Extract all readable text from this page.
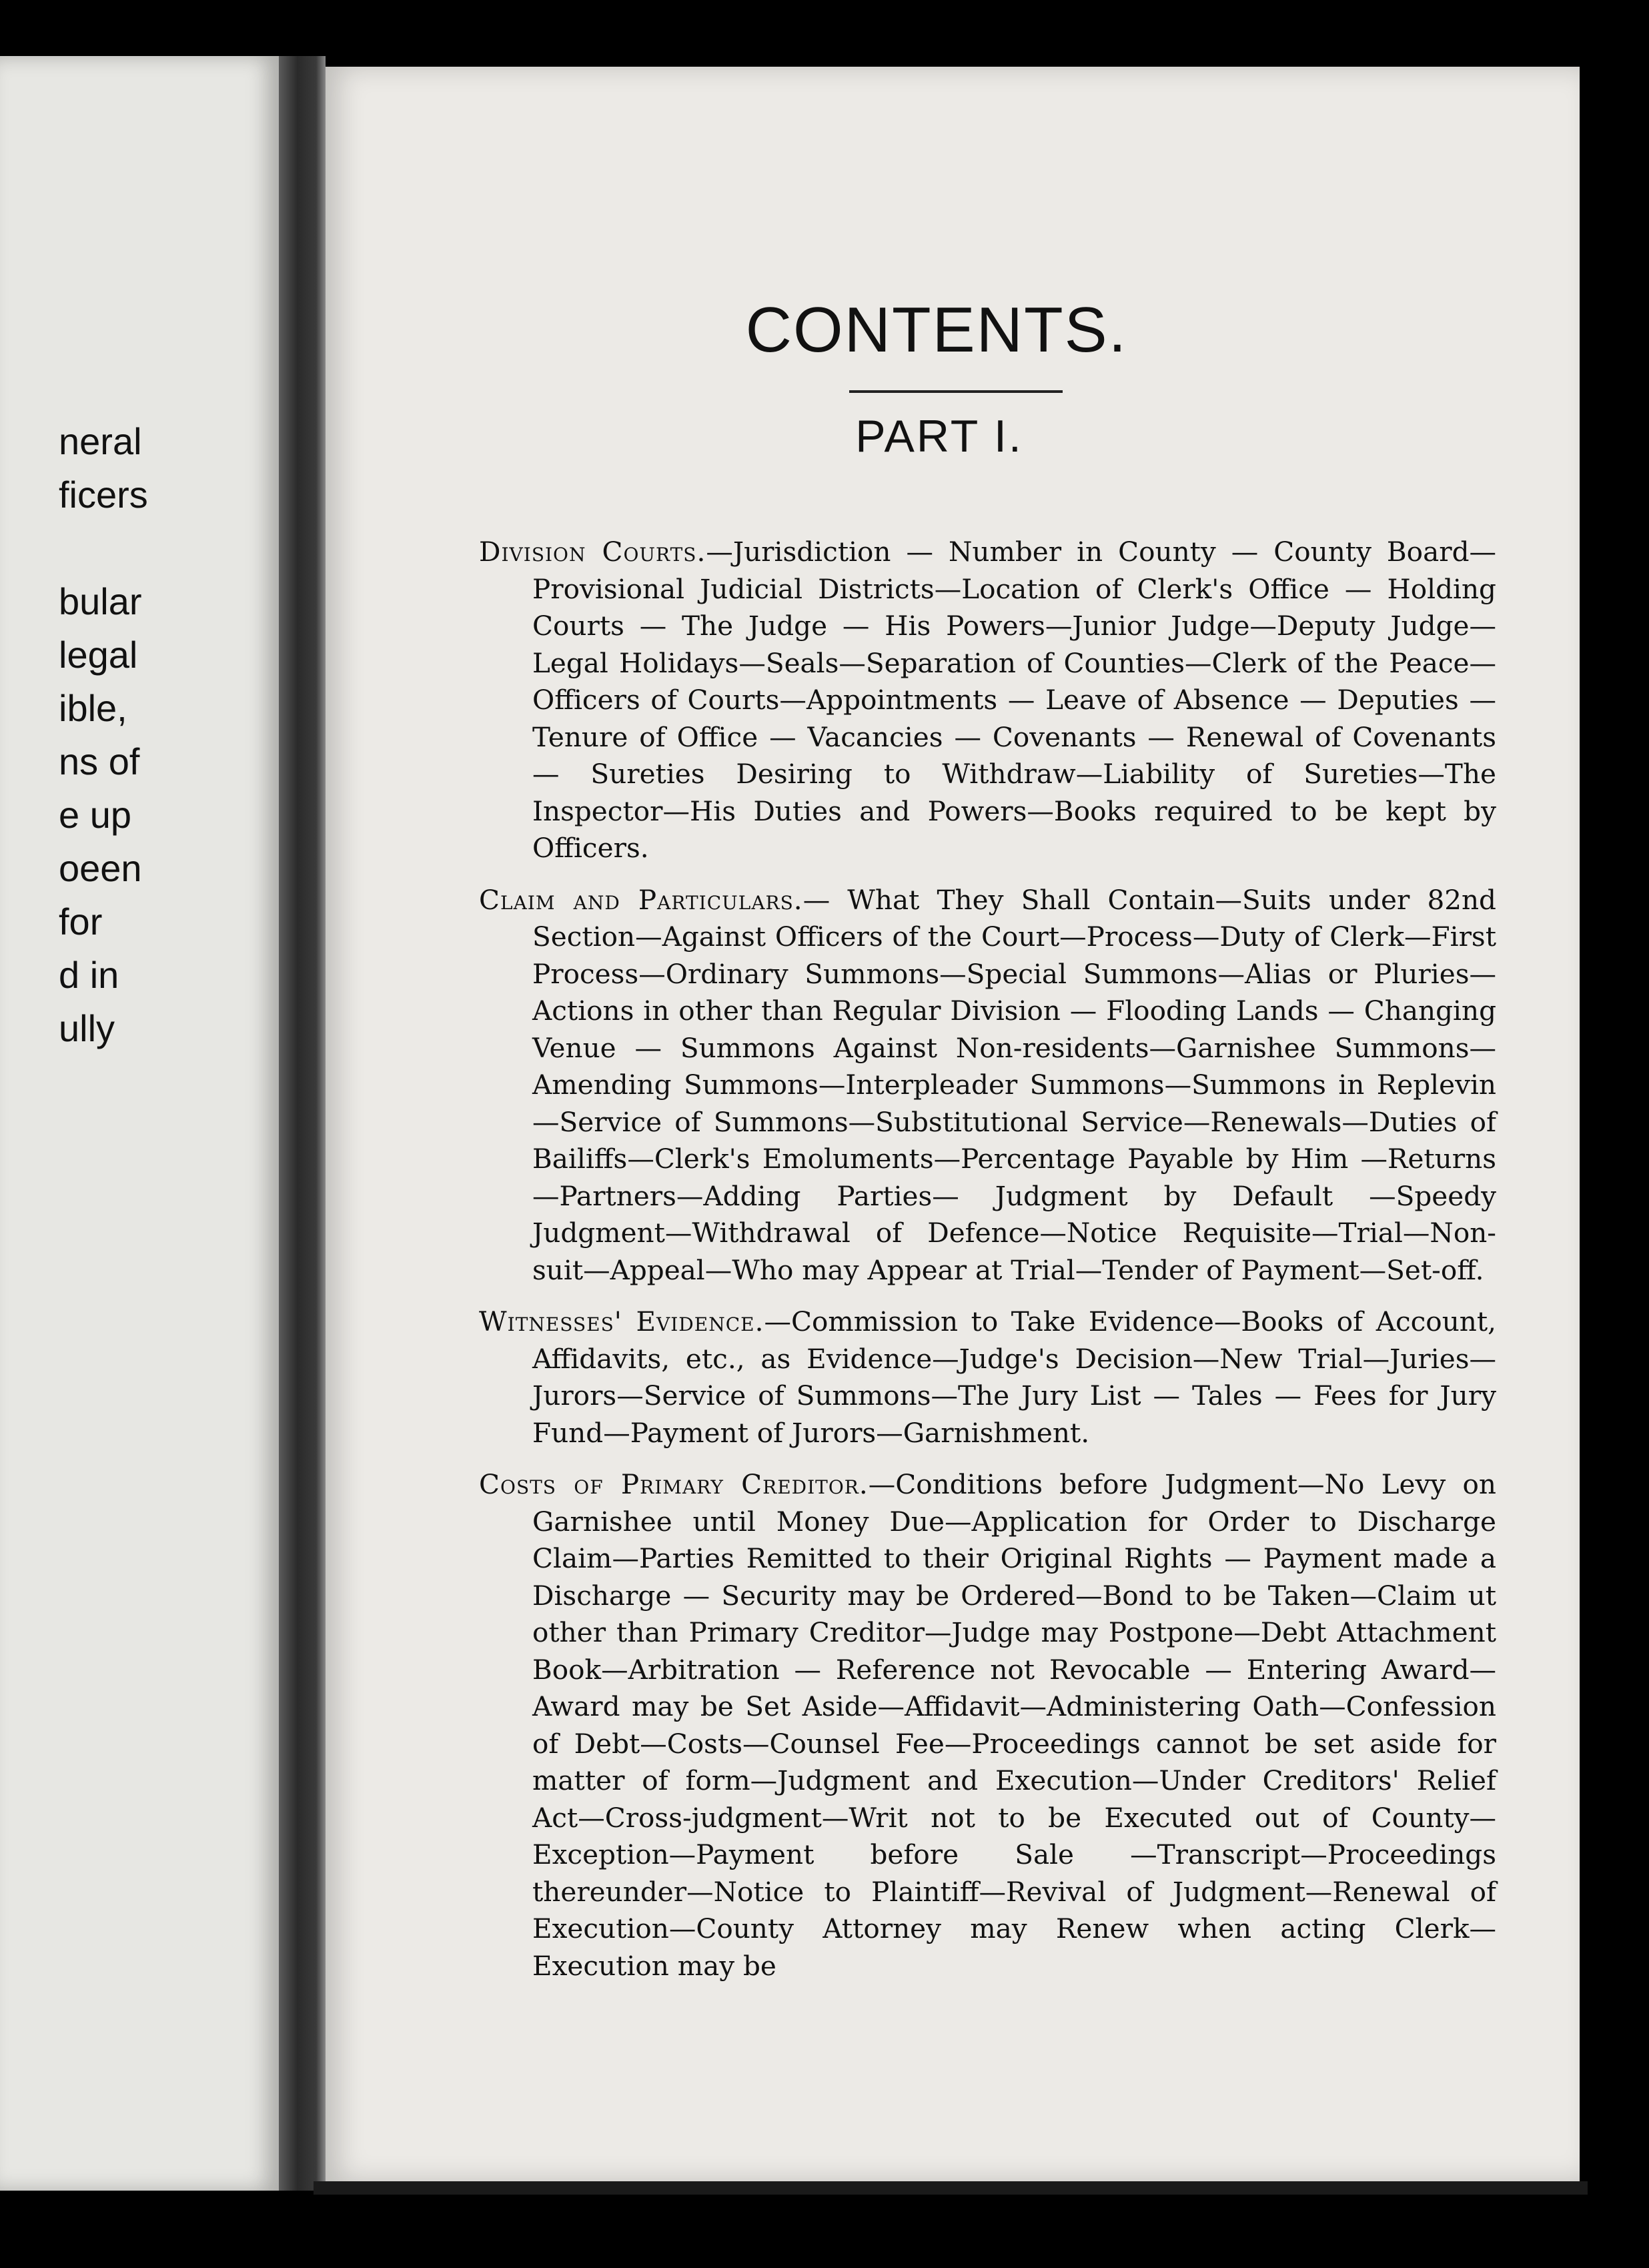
neral
ficers
bular
legal
ible,
ns of
e up
oeen
for
d in
ully
CONTENTS.
PART I.

Division Courts.—Jurisdiction — Number in County — County Board—Provisional Judicial Districts—Location of Clerk's Office — Holding Courts — The Judge — His Powers—Junior Judge—Deputy Judge—Legal Holidays—Seals—Separation of Counties—Clerk of the Peace—Officers of Courts—Appointments — Leave of Absence — Deputies — Tenure of Office — Vacancies — Covenants — Renewal of Covenants — Sureties Desiring to Withdraw—Liability of Sureties—The Inspector—His Duties and Powers—Books required to be kept by Officers.

Claim and Particulars.— What They Shall Contain—Suits under 82nd Section—Against Officers of the Court—Process—Duty of Clerk—First Process—Ordinary Summons—Special Summons—Alias or Pluries—Actions in other than Regular Division — Flooding Lands — Changing Venue — Summons Against Non-residents—Garnishee Summons—Amending Summons—Interpleader Summons—Summons in Replevin—Service of Summons—Substitutional Service—Renewals—Duties of Bailiffs—Clerk's Emoluments—Percentage Payable by Him —Returns—Partners—Adding Parties— Judgment by Default —Speedy Judgment—Withdrawal of Defence—Notice Requisite—Trial—Non-suit—Appeal—Who may Appear at Trial—Tender of Payment—Set-off.

Witnesses' Evidence.—Commission to Take Evidence—Books of Account, Affidavits, etc., as Evidence—Judge's Decision—New Trial—Juries—Jurors—Service of Summons—The Jury List — Tales — Fees for Jury Fund—Payment of Jurors—Garnishment.

Costs of Primary Creditor.—Conditions before Judgment—No Levy on Garnishee until Money Due—Application for Order to Discharge Claim—Parties Remitted to their Original Rights — Payment made a Discharge — Security may be Ordered—Bond to be Taken—Claim ut other than Primary Creditor—Judge may Postpone—Debt Attachment Book—Arbitration — Reference not Revocable — Entering Award—Award may be Set Aside—Affidavit—Administering Oath—Confession of Debt—Costs—Counsel Fee—Proceedings cannot be set aside for matter of form—Judgment and Execution—Under Creditors' Relief Act—Cross-judgment—Writ not to be Executed out of County—Exception—Payment before Sale —Transcript—Proceedings thereunder—Notice to Plaintiff—Revival of Judgment—Renewal of Execution—County Attorney may Renew when acting Clerk—Execution may be
